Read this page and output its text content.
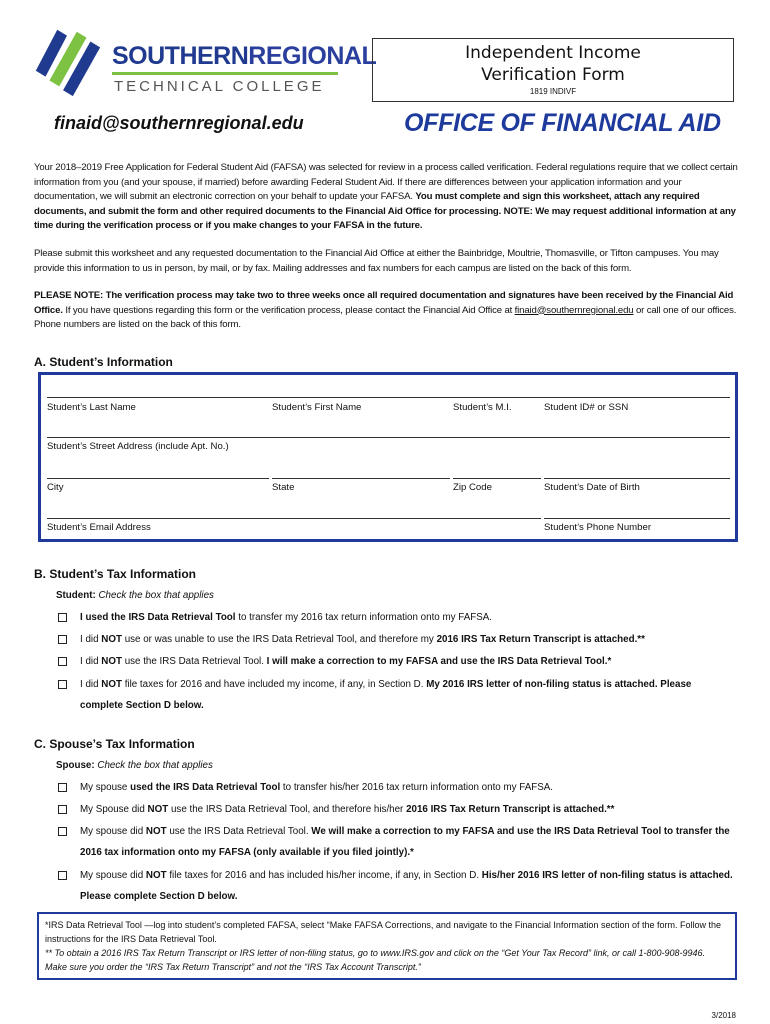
SOUTHERNREGIONAL
TECHNICAL COLLEGE
Independent Income
Verification Form
1819 INDIVF
finaid@southernregional.edu	OFFICE OF FINANCIAL AID
Your 2018–2019 Free Application for Federal Student Aid (FAFSA) was selected for review in a process called verification. Federal regulations require that we collect certain information from you (and your spouse, if married) before awarding Federal Student Aid. If there are differences between your application information and your documentation, we will submit an electronic correction on your behalf to update your FAFSA. You must complete and sign this worksheet, attach any required documents, and submit the form and other required documents to the Financial Aid Office for processing. NOTE: We may request additional information at any time during the verification process or if you make changes to your FAFSA in the future.
Please submit this worksheet and any requested documentation to the Financial Aid Office at either the Bainbridge, Moultrie, Thomasville, or Tifton campuses. You may provide this information to us in person, by mail, or by fax. Mailing addresses and fax numbers for each campus are listed on the back of this form.
PLEASE NOTE: The verification process may take two to three weeks once all required documentation and signatures have been received by the Financial Aid Office. If you have questions regarding this form or the verification process, please contact the Financial Aid Office at finaid@southernregional.edu or call one of our offices. Phone numbers are listed on the back of this form.
A. Student’s Information
Student’s Last Name	Student’s First Name	Student’s M.I.	Student ID# or SSN
Student’s Street Address (include Apt. No.)
City	State	Zip Code	Student’s Date of Birth
Student’s Email Address	Student’s Phone Number
B. Student’s Tax Information
Student: Check the box that applies
I used the IRS Data Retrieval Tool to transfer my 2016 tax return information onto my FAFSA.
I did NOT use or was unable to use the IRS Data Retrieval Tool, and therefore my 2016 IRS Tax Return Transcript is attached.**
I did NOT use the IRS Data Retrieval Tool. I will make a correction to my FAFSA and use the IRS Data Retrieval Tool.*
I did NOT file taxes for 2016 and have included my income, if any, in Section D. My 2016 IRS letter of non-filing status is attached. Please complete Section D below.
C. Spouse’s Tax Information
Spouse: Check the box that applies
My spouse used the IRS Data Retrieval Tool to transfer his/her 2016 tax return information onto my FAFSA.
My Spouse did NOT use the IRS Data Retrieval Tool, and therefore his/her 2016 IRS Tax Return Transcript is attached.**
My spouse did NOT use the IRS Data Retrieval Tool. We will make a correction to my FAFSA and use the IRS Data Retrieval Tool to transfer the 2016 tax information onto my FAFSA (only available if you filed jointly).*
My spouse did NOT file taxes for 2016 and has included his/her income, if any, in Section D. His/her 2016 IRS letter of non-filing status is attached. Please complete Section D below.
*IRS Data Retrieval Tool —log into student’s completed FAFSA, select “Make FAFSA Corrections, and navigate to the Financial Information section of the form. Follow the instructions for the IRS Data Retrieval Tool.
** To obtain a 2016 IRS Tax Return Transcript or IRS letter of non-filing status, go to www.IRS.gov and click on the “Get Your Tax Record” link, or call 1-800-908-9946. Make sure you order the “IRS Tax Return Transcript” and not the “IRS Tax Account Transcript.”
3/2018
